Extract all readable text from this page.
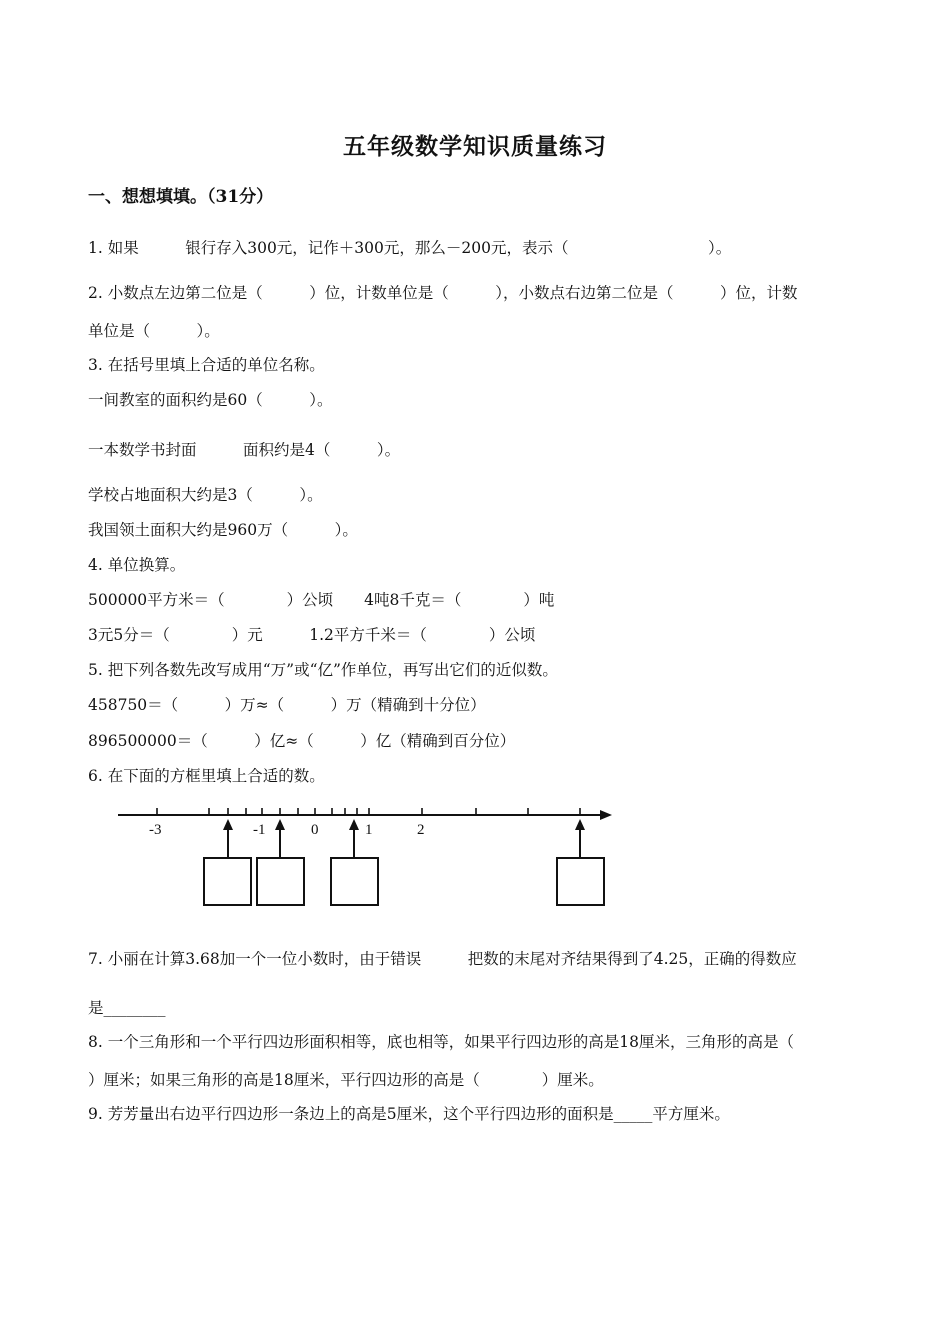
五年级数学知识质量练习
一、想想填填。（31分）
1. 如果　　　银行存入300元，记作＋300元，那么－200元，表示（　　　　　　　　　）。
2. 小数点左边第二位是（　　　）位，计数单位是（　　　），小数点右边第二位是（　　　）位，计数
单位是（　　　）。
3. 在括号里填上合适的单位名称。
一间教室的面积约是60（　　　）。
一本数学书封面　　　面积约是4（　　　）。
学校占地面积大约是3（　　　）。
我国领土面积大约是960万（　　　）。
4. 单位换算。
500000平方米＝（　　　　）公顷　　4吨8千克＝（　　　　）吨
3元5分＝（　　　　）元　　　1.2平方千米＝（　　　　）公顷
5. 把下列各数先改写成用“万”或“亿”作单位，再写出它们的近似数。
458750＝（　　　）万≈（　　　）万（精确到十分位）
896500000＝（　　　）亿≈（　　　）亿（精确到百分位）
6. 在下面的方框里填上合适的数。
-3	-1	0	1	2
7. 小丽在计算3.68加一个一位小数时，由于错误　　　把数的末尾对齐结果得到了4.25，正确的得数应
是________
8. 一个三角形和一个平行四边形面积相等，底也相等，如果平行四边形的高是18厘米，三角形的高是（
）厘米；如果三角形的高是18厘米，平行四边形的高是（　　　　）厘米。
9. 芳芳量出右边平行四边形一条边上的高是5厘米，这个平行四边形的面积是_____平方厘米。
